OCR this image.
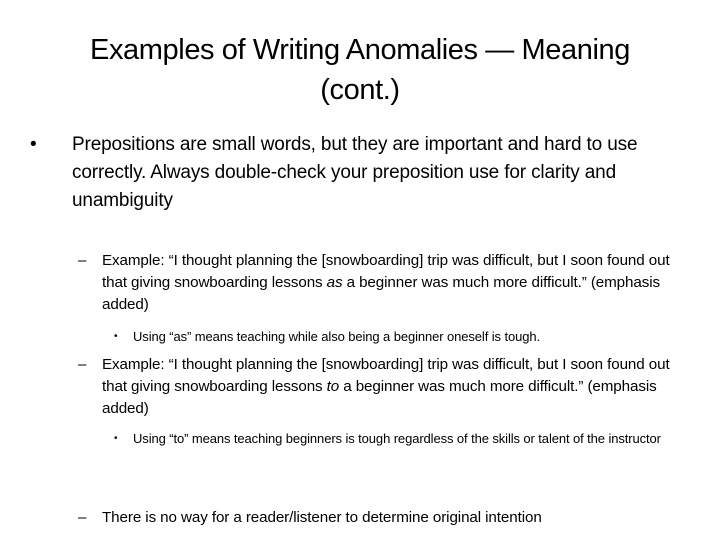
Examples of Writing Anomalies — Meaning (cont.)
• Prepositions are small words, but they are important and hard to use correctly. Always double-check your preposition use for clarity and unambiguity
– Example: “I thought planning the [snowboarding] trip was difficult, but I soon found out that giving snowboarding lessons as a beginner was much more difficult.” (emphasis added)
• Using “as” means teaching while also being a beginner oneself is tough.
– Example: “I thought planning the [snowboarding] trip was difficult, but I soon found out that giving snowboarding lessons to a beginner was much more difficult.” (emphasis added)
• Using “to” means teaching beginners is tough regardless of the skills or talent of the instructor
– There is no way for a reader/listener to determine original intention
